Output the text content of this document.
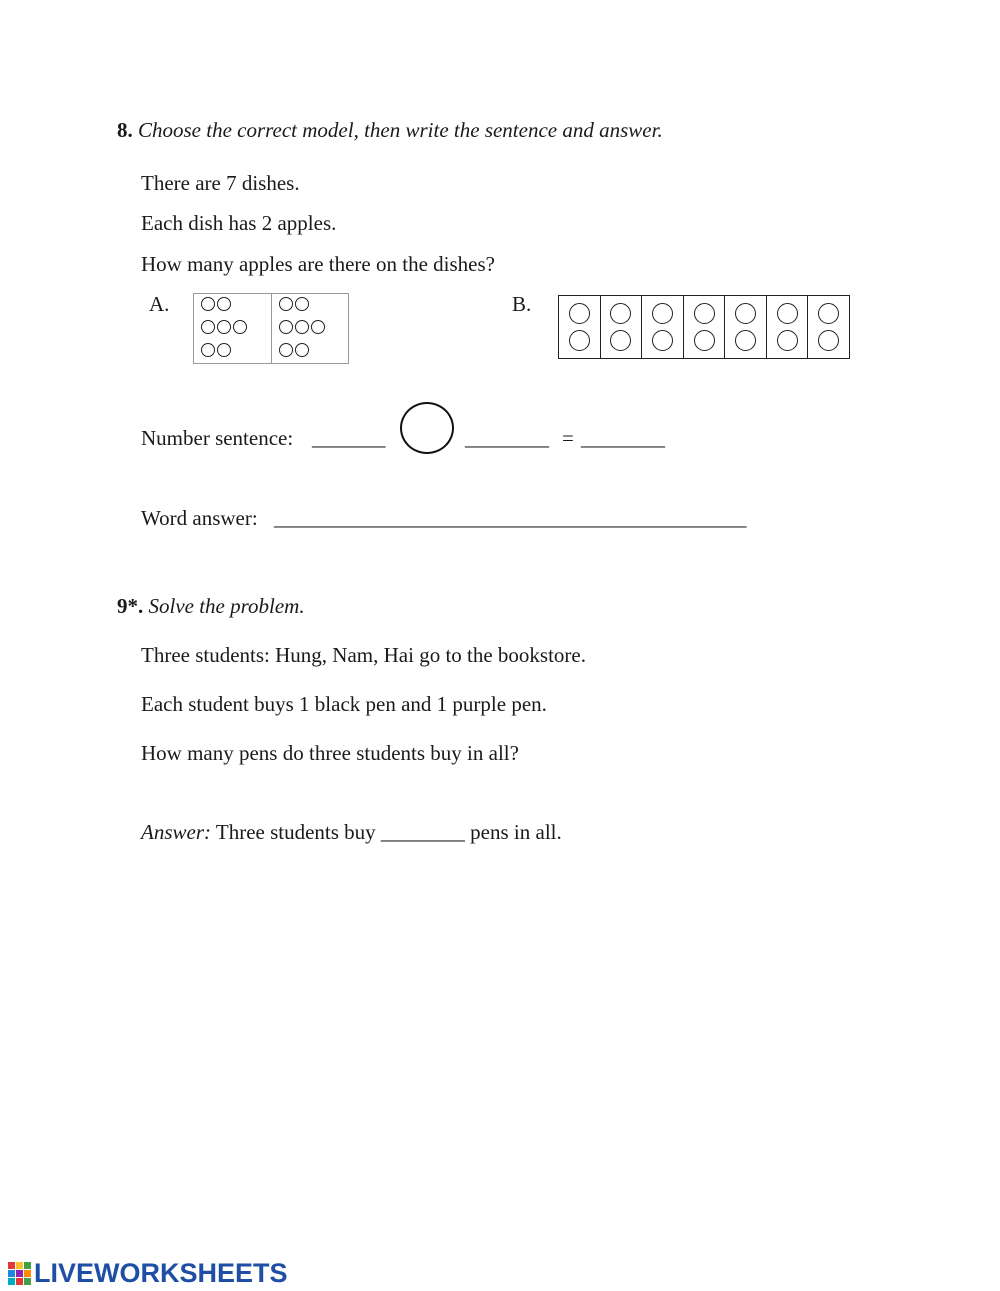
8. Choose the correct model, then write the sentence and answer.
There are 7 dishes.
Each dish has 2 apples.
How many apples are there on the dishes?
A.	B.
Number sentence: _______	________ = ________
Word answer: _____________________________________________
9*. Solve the problem.
Three students: Hung, Nam, Hai go to the bookstore.
Each student buys 1 black pen and 1 purple pen.
How many pens do three students buy in all?
Answer: Three students buy ________ pens in all.
LIVEWORKSHEETS
